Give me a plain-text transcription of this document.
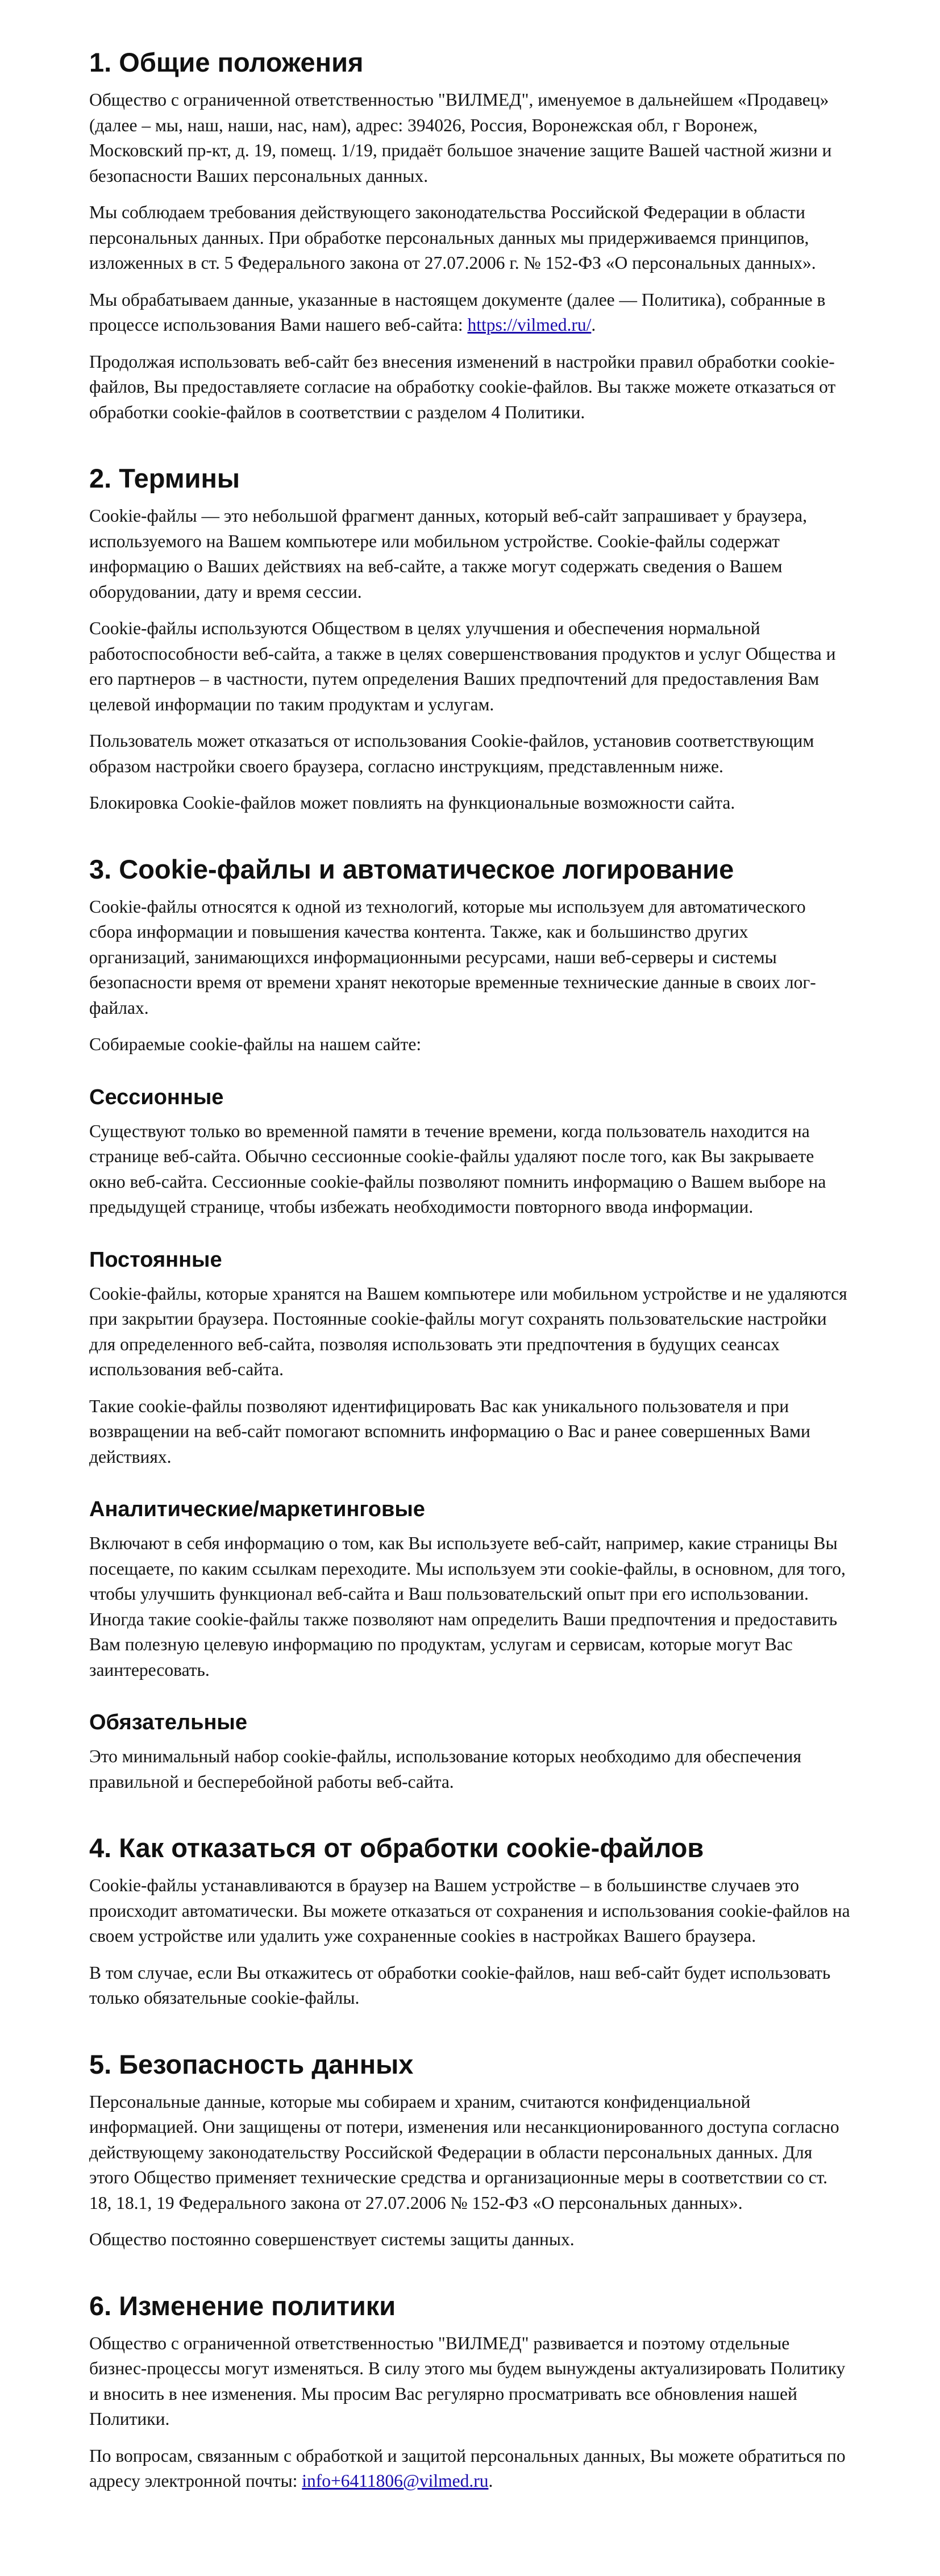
1. Общие положения

Общество с ограниченной ответственностью "ВИЛМЕД", именуемое в дальнейшем «Продавец» (далее – мы, наш, наши, нас, нам), адрес: 394026, Россия, Воронежская обл, г Воронеж, Московский пр-кт, д. 19, помещ. 1/19, придаёт большое значение защите Вашей частной жизни и безопасности Ваших персональных данных.

Мы соблюдаем требования действующего законодательства Российской Федерации в области персональных данных. При обработке персональных данных мы придерживаемся принципов, изложенных в ст. 5 Федерального закона от 27.07.2006 г. № 152-ФЗ «О персональных данных».

Мы обрабатываем данные, указанные в настоящем документе (далее — Политика), собранные в процессе использования Вами нашего веб-сайта: https://vilmed.ru/.

Продолжая использовать веб-сайт без внесения изменений в настройки правил обработки cookie-файлов, Вы предоставляете согласие на обработку cookie-файлов. Вы также можете отказаться от обработки cookie-файлов в соответствии с разделом 4 Политики.

2. Термины

Cookie-файлы — это небольшой фрагмент данных, который веб-сайт запрашивает у браузера, используемого на Вашем компьютере или мобильном устройстве. Cookie-файлы содержат информацию о Ваших действиях на веб-сайте, а также могут содержать сведения о Вашем оборудовании, дату и время сессии.

Cookie-файлы используются Обществом в целях улучшения и обеспечения нормальной работоспособности веб-сайта, а также в целях совершенствования продуктов и услуг Общества и его партнеров – в частности, путем определения Ваших предпочтений для предоставления Вам целевой информации по таким продуктам и услугам.

Пользователь может отказаться от использования Cookie-файлов, установив соответствующим образом настройки своего браузера, согласно инструкциям, представленным ниже.

Блокировка Cookie-файлов может повлиять на функциональные возможности сайта.

3. Cookie-файлы и автоматическое логирование

Cookie-файлы относятся к одной из технологий, которые мы используем для автоматического сбора информации и повышения качества контента. Также, как и большинство других организаций, занимающихся информационными ресурсами, наши веб-серверы и системы безопасности время от времени хранят некоторые временные технические данные в своих лог-файлах.

Собираемые cookie-файлы на нашем сайте:

Сессионные

Существуют только во временной памяти в течение времени, когда пользователь находится на странице веб-сайта. Обычно сессионные cookie-файлы удаляют после того, как Вы закрываете окно веб-сайта. Сессионные cookie-файлы позволяют помнить информацию о Вашем выборе на предыдущей странице, чтобы избежать необходимости повторного ввода информации.

Постоянные

Cookie-файлы, которые хранятся на Вашем компьютере или мобильном устройстве и не удаляются при закрытии браузера. Постоянные cookie-файлы могут сохранять пользовательские настройки для определенного веб-сайта, позволяя использовать эти предпочтения в будущих сеансах использования веб-сайта.

Такие cookie-файлы позволяют идентифицировать Вас как уникального пользователя и при возвращении на веб-сайт помогают вспомнить информацию о Вас и ранее совершенных Вами действиях.

Аналитические/маркетинговые

Включают в себя информацию о том, как Вы используете веб-сайт, например, какие страницы Вы посещаете, по каким ссылкам переходите. Мы используем эти cookie-файлы, в основном, для того, чтобы улучшить функционал веб-сайта и Ваш пользовательский опыт при его использовании. Иногда такие cookie-файлы также позволяют нам определить Ваши предпочтения и предоставить Вам полезную целевую информацию по продуктам, услугам и сервисам, которые могут Вас заинтересовать.

Обязательные

Это минимальный набор cookie-файлы, использование которых необходимо для обеспечения правильной и бесперебойной работы веб-сайта.

4. Как отказаться от обработки cookie-файлов

Cookie-файлы устанавливаются в браузер на Вашем устройстве – в большинстве случаев это происходит автоматически. Вы можете отказаться от сохранения и использования cookie-файлов на своем устройстве или удалить уже сохраненные cookies в настройках Вашего браузера.

В том случае, если Вы откажитесь от обработки cookie-файлов, наш веб-сайт будет использовать только обязательные cookie-файлы.

5. Безопасность данных

Персональные данные, которые мы собираем и храним, считаются конфиденциальной информацией. Они защищены от потери, изменения или несанкционированного доступа согласно действующему законодательству Российской Федерации в области персональных данных. Для этого Общество применяет технические средства и организационные меры в соответствии со ст. 18, 18.1, 19 Федерального закона от 27.07.2006 № 152-ФЗ «О персональных данных».

Общество постоянно совершенствует системы защиты данных.

6. Изменение политики

Общество с ограниченной ответственностью "ВИЛМЕД" развивается и поэтому отдельные бизнес-процессы могут изменяться. В силу этого мы будем вынуждены актуализировать Политику и вносить в нее изменения. Мы просим Вас регулярно просматривать все обновления нашей Политики.

По вопросам, связанным с обработкой и защитой персональных данных, Вы можете обратиться по адресу электронной почты: info+6411806@vilmed.ru.
